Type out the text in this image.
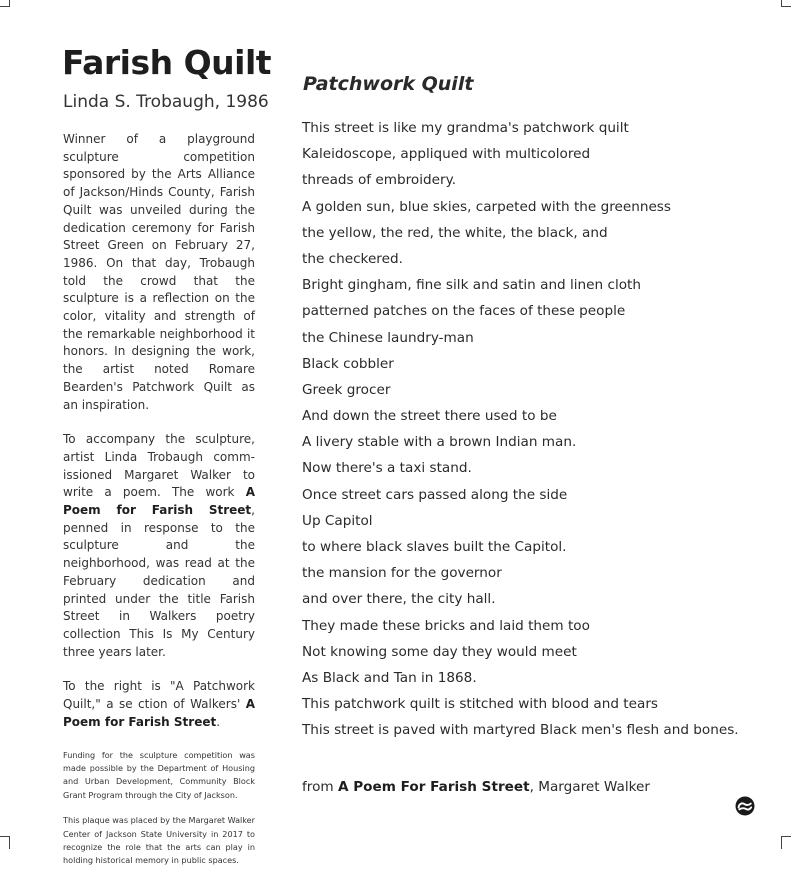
Farish Quilt
Linda S. Trobaugh, 1986

Winner of a playground sculpture competition sponsored by the Arts Alliance of Jackson/Hinds County, Farish Quilt was unveiled during the dedication ceremony for Farish Street Green on February 27, 1986. On that day, Trobaugh told the crowd that the sculpture is a reflection on the color, vitality and strength of the remarkable neighborhood it honors. In designing the work, the artist noted Romare Bearden's Patchwork Quilt as an inspiration.

To accompany the sculpture, artist Linda Trobaugh commissioned Margaret Walker to write a poem. The work A Poem for Farish Street, penned in response to the sculpture and the neighborhood, was read at the February dedication and printed under the title Farish Street in Walkers poetry collection This Is My Century three years later.

To the right is "A Patchwork Quilt," a se ction of Walkers' A Poem for Farish Street.

Funding for the sculpture competition was made possible by the Department of Housing and Urban Development, Community Block Grant Program through the City of Jackson.

This plaque was placed by the Margaret Walker Center of Jackson State University in 2017 to recognize the role that the arts can play in holding historical memory in public spaces.

Patchwork Quilt
This street is like my grandma's patchwork quilt
Kaleidoscope, appliqued with multicolored
threads of embroidery.
A golden sun, blue skies, carpeted with the greenness
the yellow, the red, the white, the black, and
the checkered.
Bright gingham, fine silk and satin and linen cloth
patterned patches on the faces of these people
the Chinese laundry-man
Black cobbler
Greek grocer
And down the street there used to be
A livery stable with a brown Indian man.
Now there's a taxi stand.
Once street cars passed along the side
Up Capitol
to where black slaves built the Capitol.
the mansion for the governor
and over there, the city hall.
They made these bricks and laid them too
Not knowing some day they would meet
As Black and Tan in 1868.
This patchwork quilt is stitched with blood and tears
This street is paved with martyred Black men's flesh and bones.
from A Poem For Farish Street, Margaret Walker
